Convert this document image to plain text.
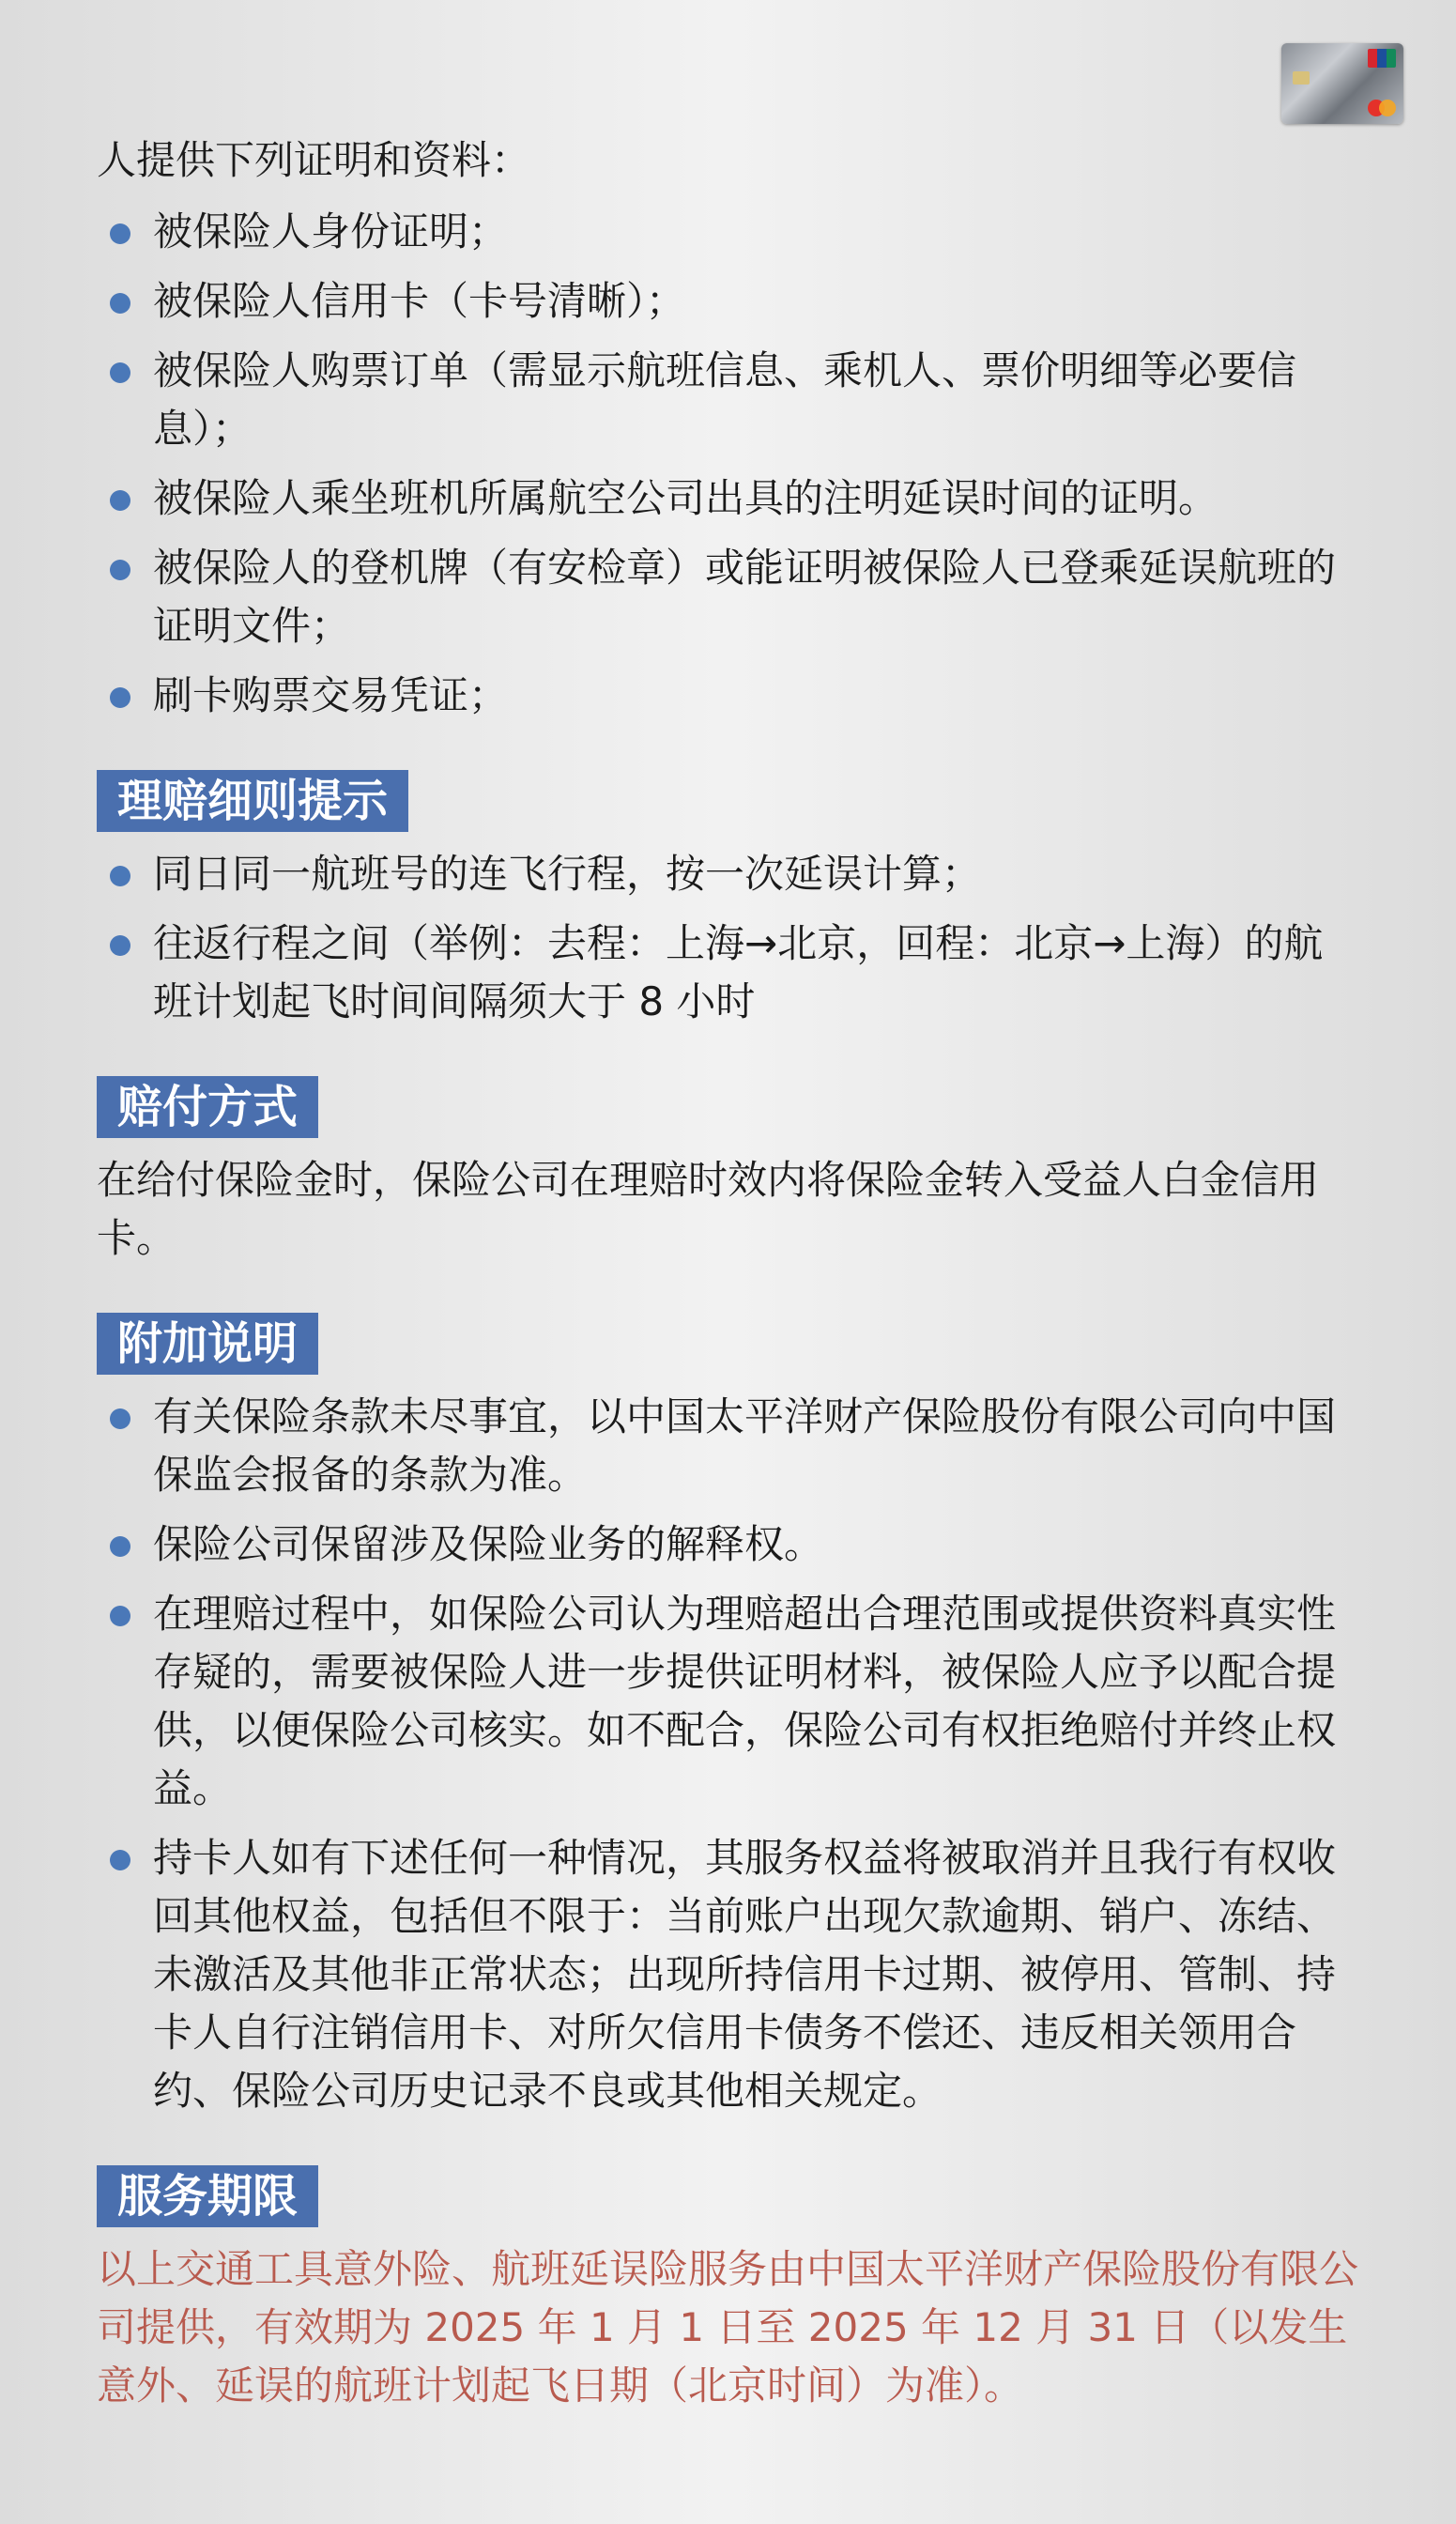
人提供下列证明和资料：

被保险人身份证明；
被保险人信用卡（卡号清晰）；
被保险人购票订单（需显示航班信息、乘机人、票价明细等必要信息）；
被保险人乘坐班机所属航空公司出具的注明延误时间的证明。
被保险人的登机牌（有安检章）或能证明被保险人已登乘延误航班的证明文件；
刷卡购票交易凭证；
理赔细则提示
同日同一航班号的连飞行程，按一次延误计算；
往返行程之间（举例：去程：上海→北京，回程：北京→上海）的航班计划起飞时间间隔须大于 8 小时
赔付方式

在给付保险金时，保险公司在理赔时效内将保险金转入受益人白金信用卡。

附加说明
有关保险条款未尽事宜，以中国太平洋财产保险股份有限公司向中国保监会报备的条款为准。
保险公司保留涉及保险业务的解释权。
在理赔过程中，如保险公司认为理赔超出合理范围或提供资料真实性存疑的，需要被保险人进一步提供证明材料，被保险人应予以配合提供，以便保险公司核实。如不配合，保险公司有权拒绝赔付并终止权益。
持卡人如有下述任何一种情况，其服务权益将被取消并且我行有权收回其他权益，包括但不限于：当前账户出现欠款逾期、销户、冻结、未激活及其他非正常状态；出现所持信用卡过期、被停用、管制、持卡人自行注销信用卡、对所欠信用卡债务不偿还、违反相关领用合约、保险公司历史记录不良或其他相关规定。
服务期限

以上交通工具意外险、航班延误险服务由中国太平洋财产保险股份有限公司提供，有效期为 2025 年 1 月 1 日至 2025 年 12 月 31 日（以发生意外、延误的航班计划起飞日期（北京时间）为准）。
